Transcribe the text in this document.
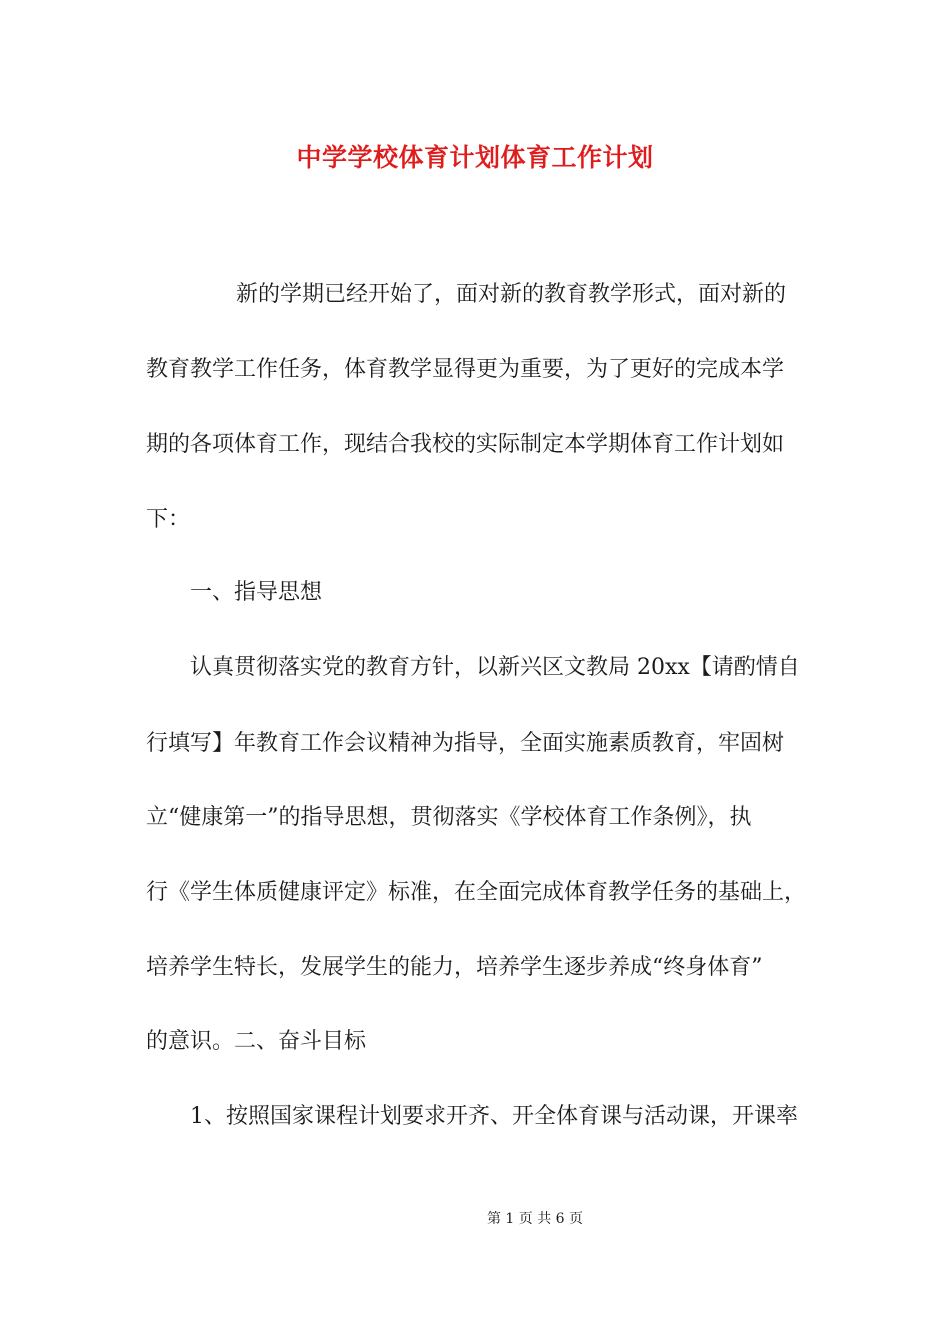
中学学校体育计划体育工作计划
新的学期已经开始了，面对新的教育教学形式，面对新的
教育教学工作任务，体育教学显得更为重要，为了更好的完成本学
期的各项体育工作，现结合我校的实际制定本学期体育工作计划如
下：
一、指导思想
认真贯彻落实党的教育方针，以新兴区文教局 20xx【请酌情自
行填写】年教育工作会议精神为指导，全面实施素质教育，牢固树
立“健康第一”的指导思想，贯彻落实《学校体育工作条例》，执
行《学生体质健康评定》标准，在全面完成体育教学任务的基础上，
培养学生特长，发展学生的能力，培养学生逐步养成“终身体育”
的意识。二、奋斗目标
1、按照国家课程计划要求开齐、开全体育课与活动课，开课率
第 1 页 共 6 页
